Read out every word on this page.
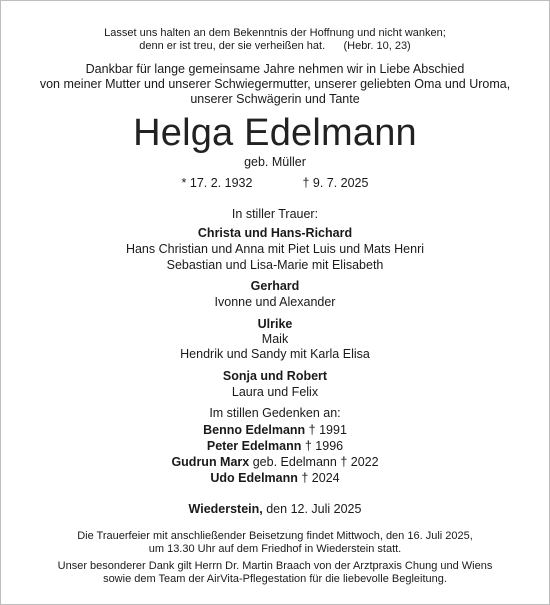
Lasset uns halten an dem Bekenntnis der Hoffnung und nicht wanken;
denn er ist treu, der sie verheißen hat.      (Hebr. 10, 23)
Dankbar für lange gemeinsame Jahre nehmen wir in Liebe Abschied
von meiner Mutter und unserer Schwiegermutter, unserer geliebten Oma und Uroma,
unserer Schwägerin und Tante
Helga Edelmann
geb. Müller
* 17. 2. 1932	† 9. 7. 2025
In stiller Trauer:
Christa und Hans-Richard
Hans Christian und Anna mit Piet Luis und Mats Henri
Sebastian und Lisa-Marie mit Elisabeth
Gerhard
Ivonne und Alexander
Ulrike
Maik
Hendrik und Sandy mit Karla Elisa
Sonja und Robert
Laura und Felix
Im stillen Gedenken an:
Benno Edelmann † 1991
Peter Edelmann † 1996
Gudrun Marx geb. Edelmann † 2022
Udo Edelmann † 2024
Wiederstein, den 12. Juli 2025
Die Trauerfeier mit anschließender Beisetzung findet Mittwoch, den 16. Juli 2025,
um 13.30 Uhr auf dem Friedhof in Wiederstein statt.
Unser besonderer Dank gilt Herrn Dr. Martin Braach von der Arztpraxis Chung und Wiens
sowie dem Team der AirVita-Pflegestation für die liebevolle Begleitung.
